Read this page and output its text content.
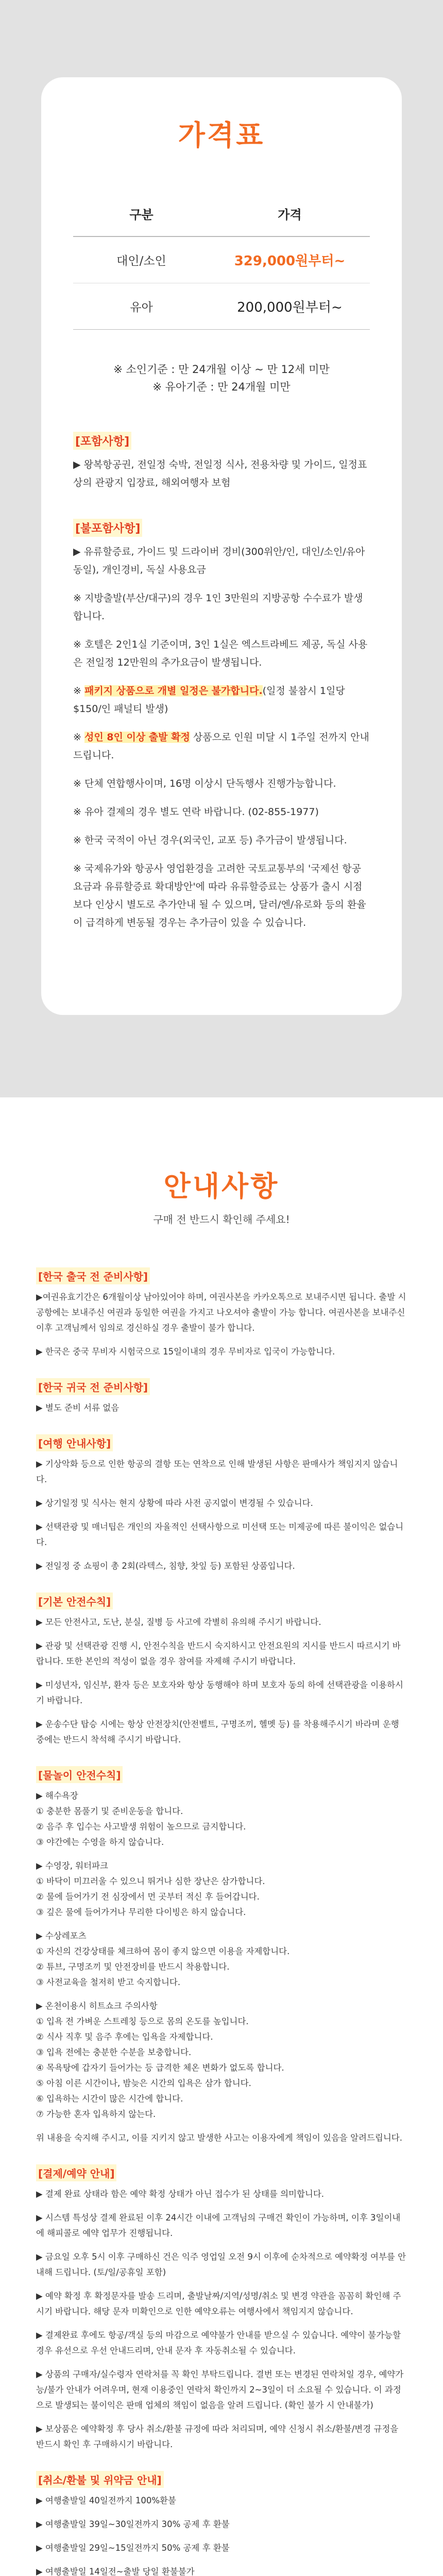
가격표
구분	가격
대인/소인	329,000원부터~
유아	200,000원부터~
※ 소인기준 : 만 24개월 이상 ~ 만 12세 미만
※ 유아기준 : 만 24개월 미만
[포함사항]

▶ 왕복항공권, 전일정 숙박, 전일정 식사, 전용차량 및 가이드, 일정표 상의 관광지 입장료, 해외여행자 보험

[불포함사항]

▶ 유류할증료, 가이드 및 드라이버 경비(300위안/인, 대인/소인/유아 동일), 개인경비, 독실 사용요금

※ 지방출발(부산/대구)의 경우 1인 3만원의 지방공항 수수료가 발생합니다.

※ 호텔은 2인1실 기준이며, 3인 1실은 엑스트라베드 제공, 독실 사용은 전일정 12만원의 추가요금이 발생됩니다.

※ 패키지 상품으로 개별 일정은 불가합니다.(일정 불참시 1일당 $150/인 패널티 발생)

※ 성인 8인 이상 출발 확정 상품으로 인원 미달 시 1주일 전까지 안내 드립니다.

※ 단체 연합행사이며, 16명 이상시 단독행사 진행가능합니다.

※ 유아 결제의 경우 별도 연락 바랍니다. (02-855-1977)

※ 한국 국적이 아닌 경우(외국인, 교포 등) 추가금이 발생됩니다.

※ 국제유가와 항공사 영업환경을 고려한 국토교통부의 '국제선 항공 요금과 유류할증료 확대방안'에 따라 유류할증료는 상품가 출시 시점 보다 인상시 별도로 추가안내 될 수 있으며, 달러/엔/유로화 등의 환율이 급격하게 변동될 경우는 추가금이 있을 수 있습니다.

안내사항
구매 전 반드시 확인해 주세요!
[한국 출국 전 준비사항]

▶여권유효기간은 6개월이상 남아있어야 하며, 여권사본을 카카오톡으로 보내주시면 됩니다. 출발 시 공항에는 보내주신 여권과 동일한 여권을 가지고 나오셔야 출발이 가능 합니다. 여권사본을 보내주신 이후 고객님께서 임의로 경신하실 경우 출발이 불가 합니다.

▶ 한국은 중국 무비자 시험국으로 15일이내의 경우 무비자로 입국이 가능합니다.

[한국 귀국 전 준비사항]

▶ 별도 준비 서류 없음

[여행 안내사항]

▶ 기상악화 등으로 인한 항공의 결항 또는 연착으로 인해 발생된 사항은 판매사가 책임지지 않습니다.

▶ 상기일정 및 식사는 현지 상황에 따라 사전 공지없이 변경될 수 있습니다.

▶ 선택관광 및 매너팁은 개인의 자율적인 선택사항으로 미선택 또는 미제공에 따른 불이익은 없습니다.

▶ 전일정 중 쇼핑이 총 2회(라텍스, 침향, 찻잎 등) 포함된 상품입니다.

[기본 안전수칙]

▶ 모든 안전사고, 도난, 분실, 질병 등 사고에 각별히 유의해 주시기 바랍니다.

▶ 관광 및 선택관광 진행 시, 안전수칙을 반드시 숙지하시고 안전요원의 지시를 반드시 따르시기 바랍니다. 또한 본인의 적성이 없을 경우 참여를 자제해 주시기 바랍니다.

▶ 미성년자, 임신부, 환자 등은 보호자와 항상 동행해야 하며 보호자 동의 하에 선택관광을 이용하시기 바랍니다.

▶ 운송수단 탑승 시에는 항상 안전장치(안전벨트, 구명조끼, 헬멧 등) 를 착용해주시기 바라며 운행 중에는 반드시 착석해 주시기 바랍니다.

[물놀이 안전수칙]

▶ 해수욕장

① 충분한 몸풀기 및 준비운동을 합니다.

② 음주 후 입수는 사고발생 위험이 높으므로 금지합니다.

③ 야간에는 수영을 하지 않습니다.

▶ 수영장, 워터파크

① 바닥이 미끄러울 수 있으니 뛰거나 심한 장난은 삼가합니다.

② 물에 들어가기 전 심장에서 먼 곳부터 적신 후 들어갑니다.

③ 깊은 물에 들어가거나 무리한 다이빙은 하지 않습니다.

▶ 수상레포츠

① 자신의 건강상태를 체크하여 몸이 좋지 않으면 이용을 자제합니다.

② 튜브, 구명조끼 및 안전장비를 반드시 착용합니다.

③ 사전교육을 철저히 받고 숙지합니다.

▶ 온천이용시 히트쇼크 주의사항

① 입욕 전 가벼운 스트레칭 등으로 몸의 온도를 높입니다.

② 식사 직후 및 음주 후에는 입욕을 자제합니다.

③ 입욕 전에는 충분한 수분을 보충합니다.

④ 목욕탕에 갑자기 들어가는 등 급격한 체온 변화가 없도록 합니다.

⑤ 아침 이른 시간이나, 밤늦은 시간의 입욕은 삼가 합니다.

⑥ 입욕하는 시간이 많은 시간에 합니다.

⑦ 가능한 혼자 입욕하지 않는다.

위 내용을 숙지해 주시고, 이를 지키지 않고 발생한 사고는 이용자에게 책임이 있음을 알려드립니다.

[결제/예약 안내]

▶ 결제 완료 상태라 함은 예약 확정 상태가 아닌 접수가 된 상태를 의미합니다.

▶ 시스템 특성상 결제 완료된 이후 24시간 이내에 고객님의 구매건 확인이 가능하며, 이후 3일이내에 해피콜로 예약 업무가 진행됩니다.

▶ 금요일 오후 5시 이후 구매하신 건은 익주 영업일 오전 9시 이후에 순차적으로 예약확정 여부를 안내해 드립니다. (토/일/공휴일 포함)

▶ 예약 확정 후 확정문자를 발송 드리며, 출발날짜/지역/성명/취소 및 변경 약관을 꼼꼼히 확인해 주시기 바랍니다. 해당 문자 미확인으로 인한 예약오류는 여행사에서 책임지지 않습니다.

▶ 결제완료 후에도 항공/객실 등의 마감으로 예약불가 안내를 받으실 수 있습니다. 예약이 불가능할 경우 유선으로 우선 안내드리며, 안내 문자 후 자동취소될 수 있습니다.

▶ 상품의 구매자/실수령자 연락처를 꼭 확인 부탁드립니다. 결번 또는 변경된 연락처일 경우, 예약가능/불가 안내가 어려우며, 현재 이용중인 연락처 확인까지 2~3일이 더 소요될 수 있습니다. 이 과정으로 발생되는 불이익은 판매 업체의 책임이 없음을 알려 드립니다. (확인 불가 시 안내불가)

▶ 보상품은 예약확정 후 당사 취소/환불 규정에 따라 처리되며, 예약 신청시 취소/환불/변경 규정을 반드시 확인 후 구매하시기 바랍니다.

[취소/환불 및 위약금 안내]

▶ 여행출발일 40일전까지 100%환불

▶ 여행출발일 39일~30일전까지 30% 공제 후 환불

▶ 여행출발일 29일~15일전까지 50% 공제 후 환불

▶ 여행출발일 14일전~출발 당일 환불불가
